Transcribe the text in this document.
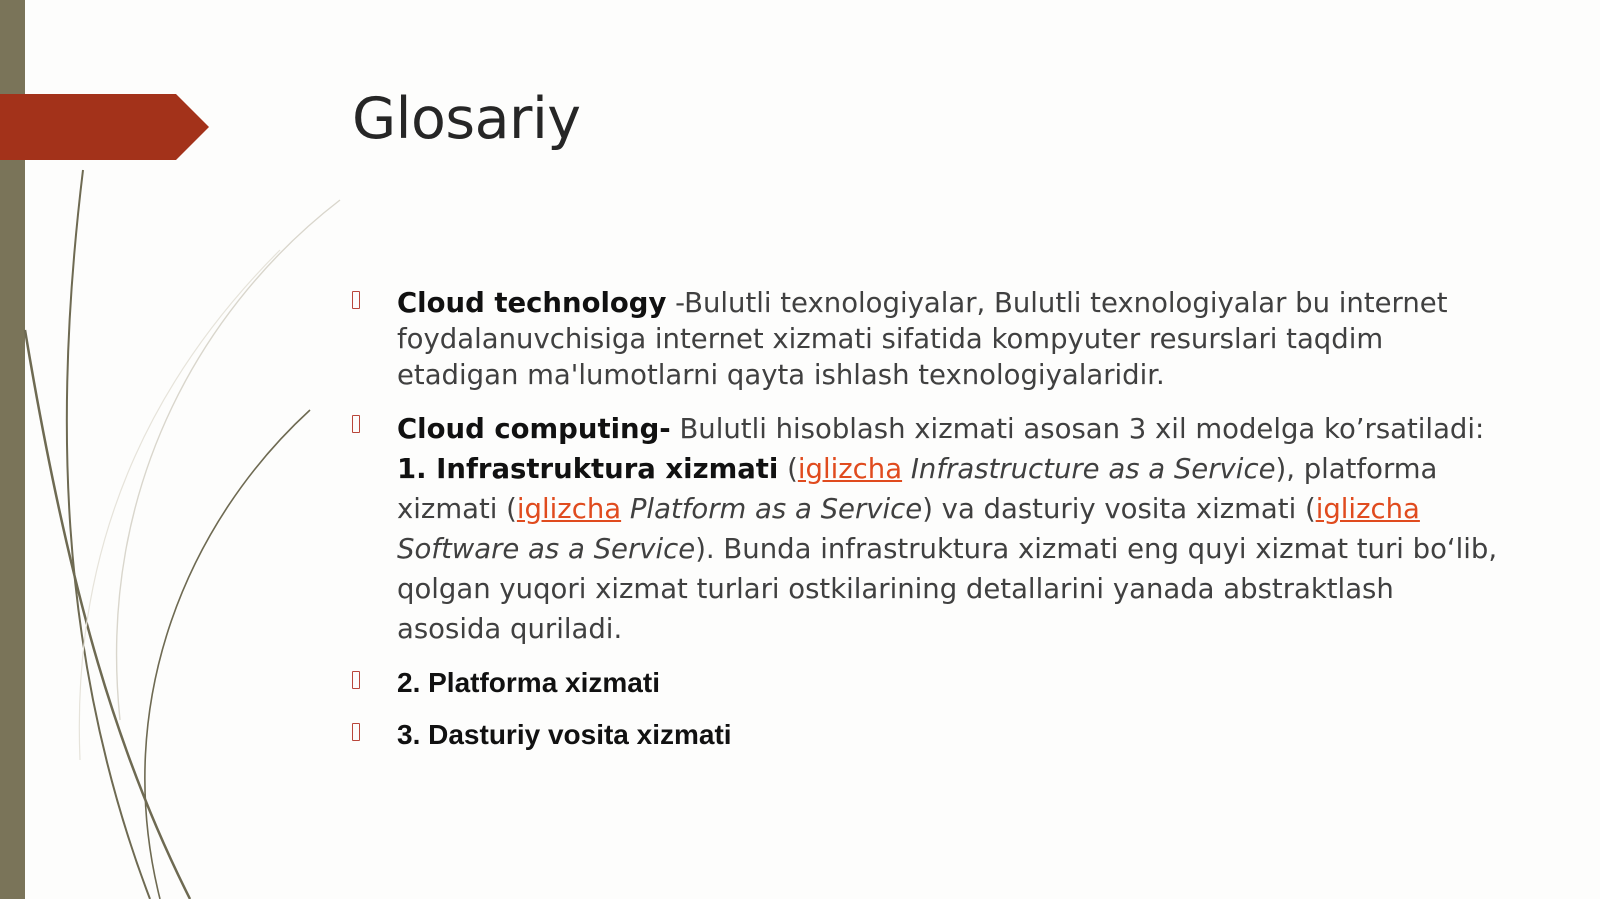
Glosariy
Cloud technology -Bulutli texnologiyalar, Bulutli texnologiyalar bu internet foydalanuvchisiga internet xizmati sifatida kompyuter resurslari taqdim etadigan ma'lumotlarni qayta ishlash texnologiyalaridir.
Cloud computing- Bulutli hisoblash xizmati asosan 3 xil modelga ko’rsatiladi: 1. Infrastruktura xizmati (iglizcha Infrastructure as a Service), platforma xizmati (iglizcha Platform as a Service) va dasturiy vosita xizmati (iglizcha Software as a Service). Bunda infrastruktura xizmati eng quyi xizmat turi bo‘lib, qolgan yuqori xizmat turlari ostkilarining detallarini yanada abstraktlash asosida quriladi.
2. Platforma xizmati
3. Dasturiy vosita xizmati
